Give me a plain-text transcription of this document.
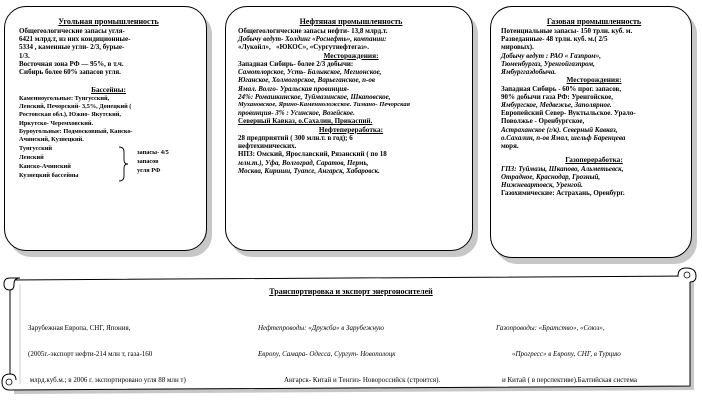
Угольная промышленность
Общегеологические запасы угля-
6421 млрд.т, из них кондиционные-
5334 , каменные угли- 2/3, бурые-
1/3.
Восточная зона РФ — 95%, в т.ч.
Сибирь более 60% запасов угля.
Бассейны:
Каменноугольные: Тунгусский,
Ленский, Печорский- 3,5%, Донецкий (
Ростовская обл.), Южно- Якутский,
Иркутско- Черемховский.
Буроугольные: Подмосковный, Канско-
Ачинский, Кузнецкий.
Тунгусский
Ленский
Канско-Ачинский
Кузнецкий бассейны
запасы- 4/5
запасов
угля РФ
Нефтяная промышленность
Общегеологические запасы нефти- 13,8 млрд.т.
Добычу ведут- Холдинг «Роснефть», компании:
«Лукойл»,   «ЮКОС», «Сургутнефтегаз».
Месторождения:
Западная Сибирь- более 2/3 добычи:
Самотлорское, Усть- Балыкское, Мегионское,
Юганское, Холмогорское, Варьеганское, п-ов
Ямал. Волго- Уральская провинция-
24%: Ромашкинское, Туймазинское, Шкаповское,
Мухановское, Ярино-Каменноложское. Тимано- Печорская
провинция- 3% : Усинское, Возейское.
Северный Кавказ, о.Сахалин, Прикаспий.
Нефтепереработка:
28 предприятий ( 300 млн.т. в год); 6
нефтехимических.
НПЗ: Омский, Ярославский, Рязанский ( по 18
млн.т.), Уфа, Волгоград, Саратов, Пермь,
Москва, Кириши, Туапсе, Ангарск, Хабаровск.
Газовая промышленность
Потенциальные запасы- 150 трлн. куб. м.
Разведанные- 48 трлн. куб. м.( 2/5
мировых).
Добычу ведут : РАО « Газпром»,
Тюменбургаз, Уренгойгазпром,
Ямбурггаздобыча.
Месторождения:
Западная Сибирь - 60% прог. запасов,
90% добычи газа РФ: Уренгойское,
Ямбургское, Медвежье, Заполярное.
Европейский Север- Вуктыльское. Урало-
Поволжье - Оренбургское,
Астраханское (г/к). Северный Кавказ,
о.Сахалин, п-ов Ямал, шельф Баренцева
моря.
Газопереработка:
ГПЗ: Туймазы, Шкапово, Альметьевск,
Отрадное, Краснодар, Грозный,
Нижневартовск, Уренгой.
Газохимические: Астрахань, Оренбург.
Транспортировка и экспорт энергоносителей

Зарубежная Европа, СНГ, Япония,

(2005г.-экспорт нефти-214 млн т, газа-160

млрд.куб.м.; в 2006 г. экспортировано угля 88 млн т)

Нефтепроводы: «Дружба» в Зарубежную

Европу, Самара- Одесса, Сургут- Новополоцк

Ангарск- Китай и Тенгиз- Новороссийск (строится).

Газопроводы: «Братство», «Союз»,

«Прогресс» в Европу, СНГ, в Турцию

и Китай ( в перспективе).Балтийская система
